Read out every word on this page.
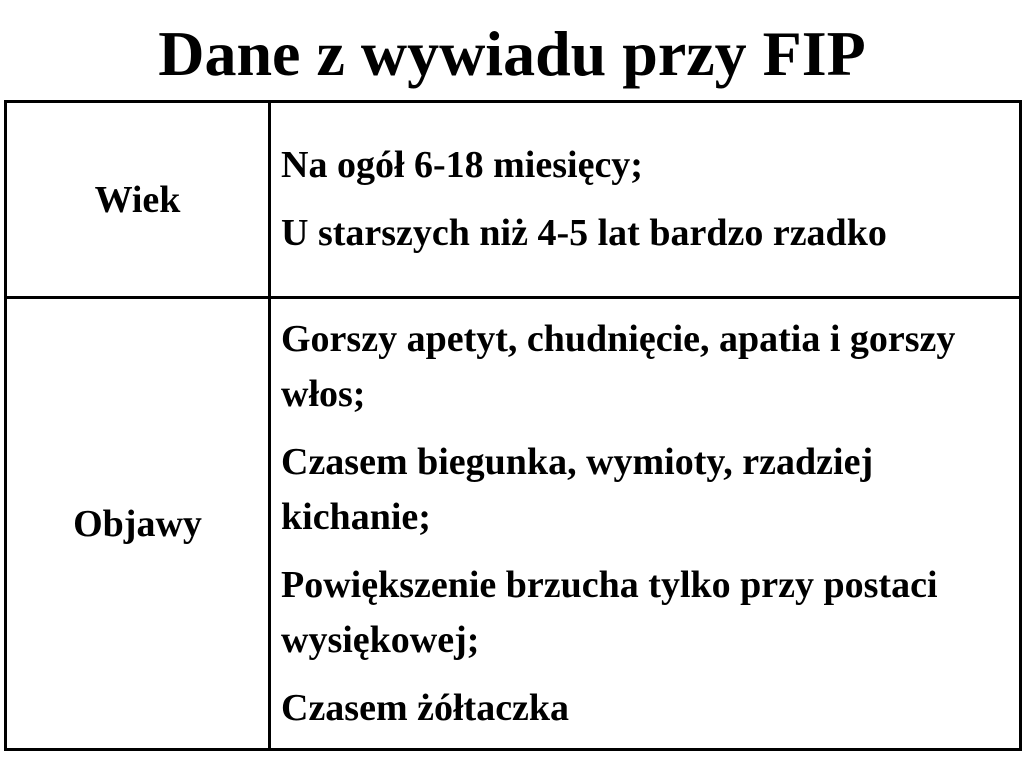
Dane z wywiadu przy FIP
Wiek	Na ogół 6-18 miesięcy;
U starszych niż 4-5 lat bardzo rzadko

Objawy	Gorszy apetyt, chudnięcie, apatia i gorszy włos;
Czasem biegunka, wymioty, rzadziej kichanie;
Powiększenie brzucha tylko przy postaci wysiękowej;
Czasem żółtaczka
